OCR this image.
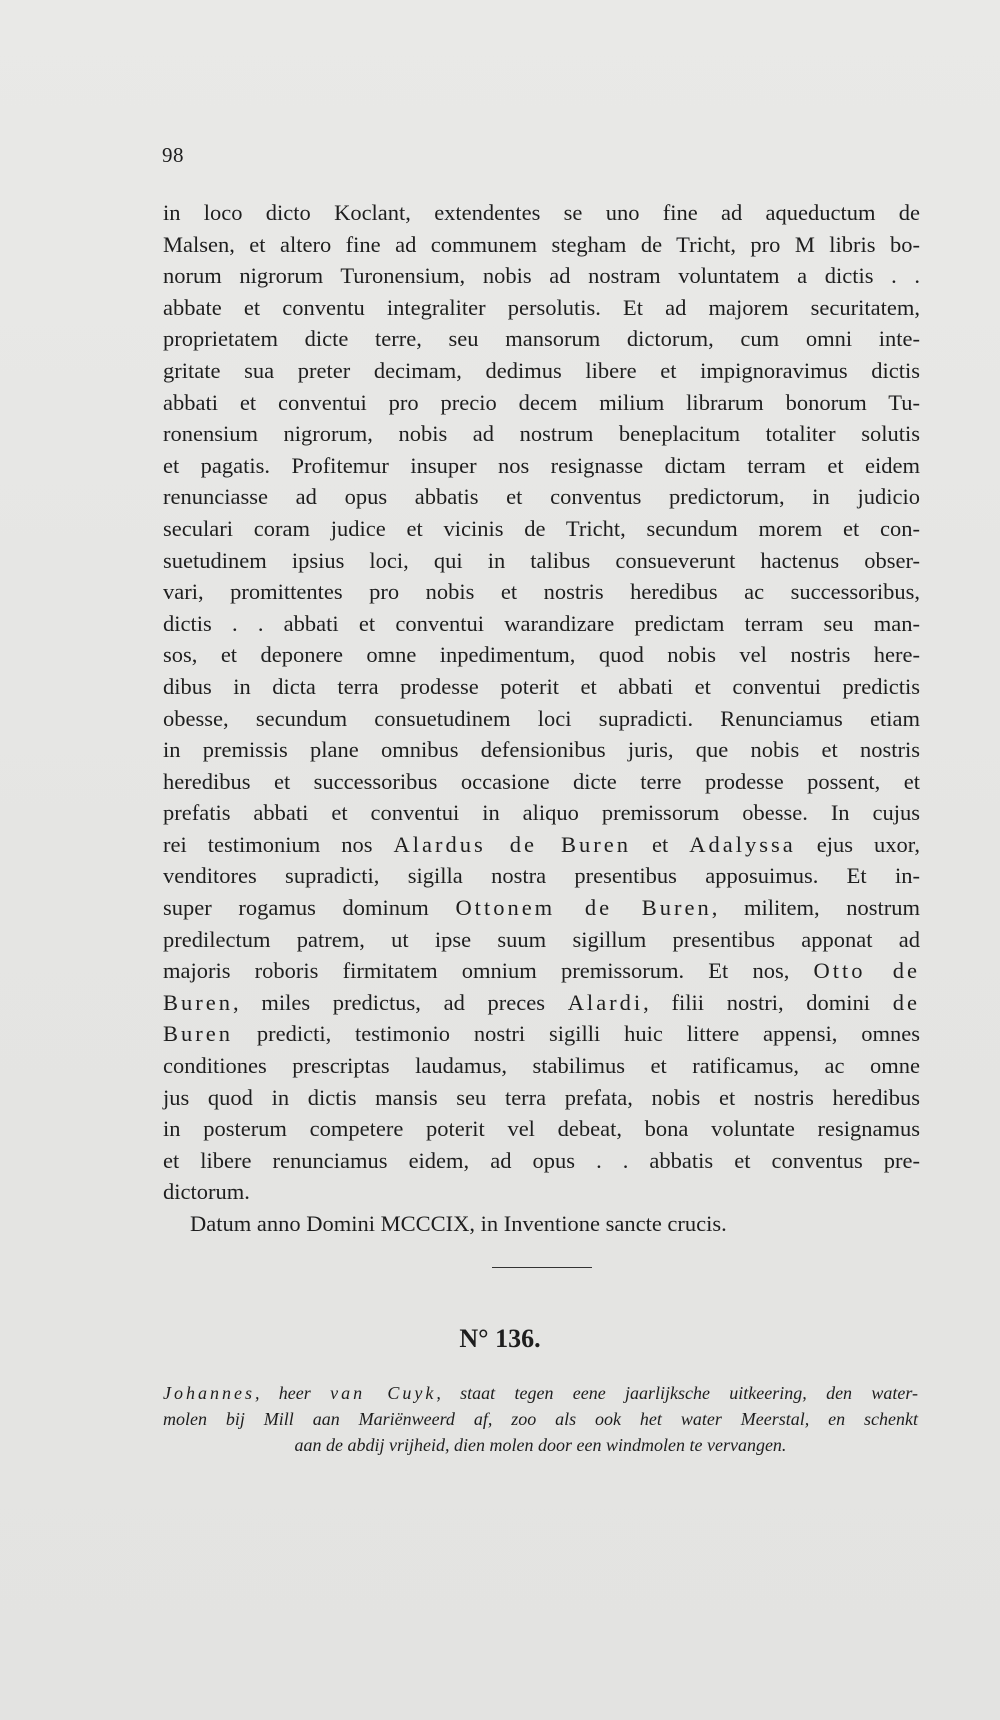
98
in loco dicto Koclant, extendentes se uno fine ad aqueductum de
Malsen, et altero fine ad communem stegham de Tricht, pro M libris bo-
norum nigrorum Turonensium, nobis ad nostram voluntatem a dictis . .
abbate et conventu integraliter persolutis. Et ad majorem securitatem,
proprietatem dicte terre, seu mansorum dictorum, cum omni inte-
gritate sua preter decimam, dedimus libere et impignoravimus dictis
abbati et conventui pro precio decem milium librarum bonorum Tu-
ronensium nigrorum, nobis ad nostrum beneplacitum totaliter solutis
et pagatis. Profitemur insuper nos resignasse dictam terram et eidem
renunciasse ad opus abbatis et conventus predictorum, in judicio
seculari coram judice et vicinis de Tricht, secundum morem et con-
suetudinem ipsius loci, qui in talibus consueverunt hactenus obser-
vari, promittentes pro nobis et nostris heredibus ac successoribus,
dictis . . abbati et conventui warandizare predictam terram seu man-
sos, et deponere omne inpedimentum, quod nobis vel nostris here-
dibus in dicta terra prodesse poterit et abbati et conventui predictis
obesse, secundum consuetudinem loci supradicti. Renunciamus etiam
in premissis plane omnibus defensionibus juris, que nobis et nostris
heredibus et successoribus occasione dicte terre prodesse possent, et
prefatis abbati et conventui in aliquo premissorum obesse. In cujus
rei testimonium nos Alardus de Buren et Adalyssa ejus uxor,
venditores supradicti, sigilla nostra presentibus apposuimus. Et in-
super rogamus dominum Ottonem de Buren, militem, nostrum
predilectum patrem, ut ipse suum sigillum presentibus apponat ad
majoris roboris firmitatem omnium premissorum. Et nos, Otto de
Buren, miles predictus, ad preces Alardi, filii nostri, domini de
Buren predicti, testimonio nostri sigilli huic littere appensi, omnes
conditiones prescriptas laudamus, stabilimus et ratificamus, ac omne
jus quod in dictis mansis seu terra prefata, nobis et nostris heredibus
in posterum competere poterit vel debeat, bona voluntate resignamus
et libere renunciamus eidem, ad opus . . abbatis et conventus pre-
dictorum.
Datum anno Domini MCCCIX, in Inventione sancte crucis.
N° 136.
Johannes, heer van Cuyk, staat tegen eene jaarlijksche uitkeering, den water-
molen bij Mill aan Mariënweerd af, zoo als ook het water Meerstal, en schenkt
aan de abdij vrijheid, dien molen door een windmolen te vervangen.
